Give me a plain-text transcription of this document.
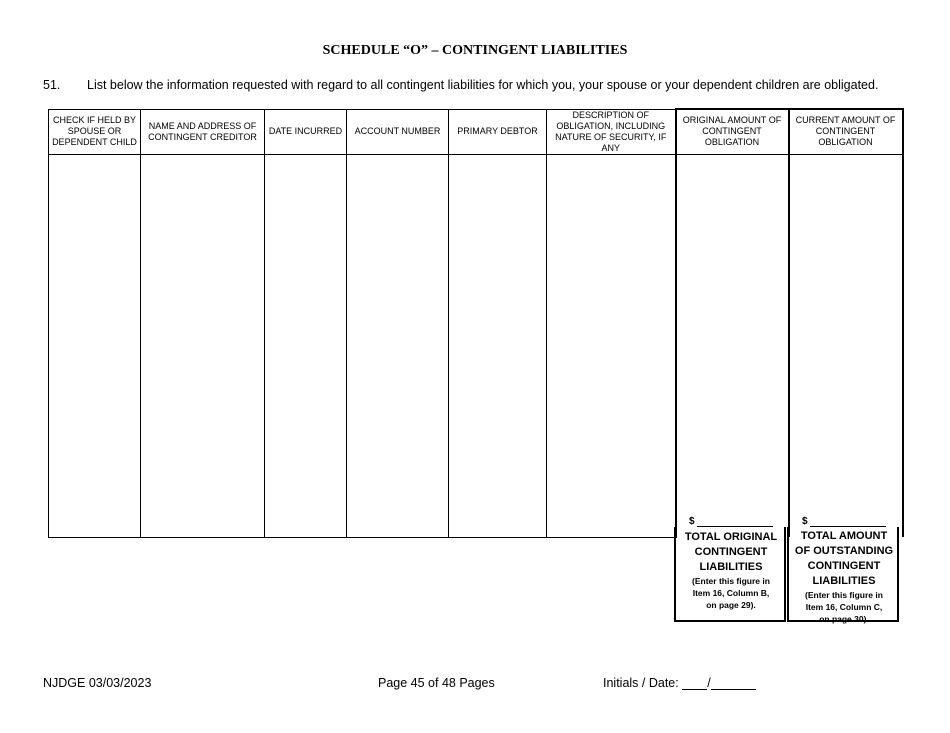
SCHEDULE “O” – CONTINGENT LIABILITIES
51. List below the information requested with regard to all contingent liabilities for which you, your spouse or your dependent children are obligated.
CHECK IF HELD BY SPOUSE OR DEPENDENT CHILD	NAME AND ADDRESS OF CONTINGENT CREDITOR	DATE INCURRED	ACCOUNT NUMBER	PRIMARY DEBTOR	DESCRIPTION OF OBLIGATION, INCLUDING NATURE OF SECURITY, IF ANY	ORIGINAL AMOUNT OF CONTINGENT OBLIGATION	CURRENT AMOUNT OF CONTINGENT OBLIGATION

$	$
TOTAL ORIGINAL
CONTINGENT
LIABILITIES
(Enter this figure in
Item 16, Column B,
on page 29).
TOTAL AMOUNT
OF OUTSTANDING
CONTINGENT
LIABILITIES
(Enter this figure in
Item 16, Column C,
on page 30).
NJDGE 03/03/2023	Page 45 of 48 Pages	Initials / Date: /
